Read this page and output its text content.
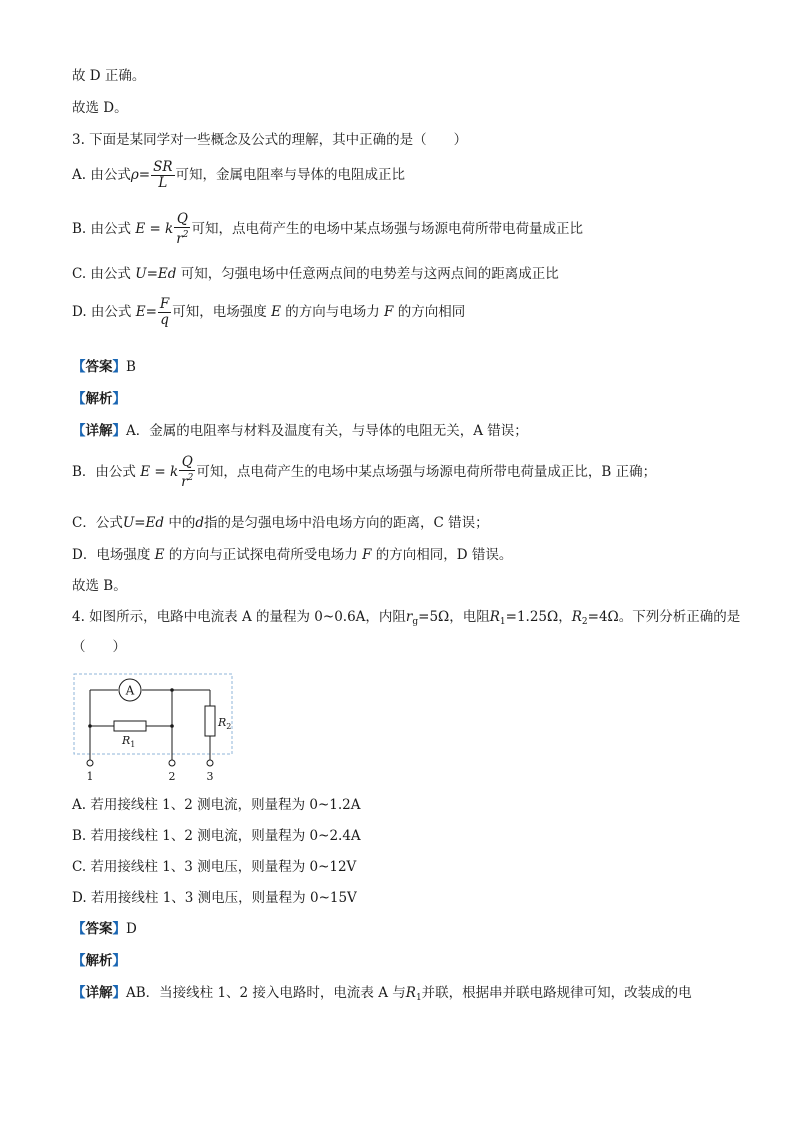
故 D 正确。
故选 D。
3. 下面是某同学对一些概念及公式的理解，其中正确的是（　　）
A. 由公式$\rho= \frac{SR}{L}$ 可知，金属电阻率与导体的电阻成正比
B. 由公式 E = k $\frac{Q}{r^2}$ 可知，点电荷产生的电场中某点场强与场源电荷所带电荷量成正比
C. 由公式 U=Ed 可知，匀强电场中任意两点间的电势差与这两点间的距离成正比
D. 由公式 $E= \frac{F}{q}$ 可知，电场强度 E 的方向与电场力 F 的方向相同
【答案】B
【解析】
【详解】A．金属的电阻率与材料及温度有关，与导体的电阻无关，A 错误；
B．由公式 E = k $\frac{Q}{r^2}$ 可知，点电荷产生的电场中某点场强与场源电荷所带电荷量成正比，B 正确；
C．公式U=Ed 中的d指的是匀强电场中沿电场方向的距离，C 错误；
D．电场强度 E 的方向与正试探电荷所受电场力 F 的方向相同，D 错误。
故选 B。
4. 如图所示，电路中电流表 A 的量程为 0~0.6A，内阻$r_g=5\Omega$，电阻$R_1=1.25\Omega$，$R_2=4\Omega$。下列分析正确的是
（　　）
A
$R_1$
$R_2$
1	2	3
A. 若用接线柱 1、2 测电流，则量程为 0~1.2A
B. 若用接线柱 1、2 测电流，则量程为 0~2.4A
C. 若用接线柱 1、3 测电压，则量程为 0~12V
D. 若用接线柱 1、3 测电压，则量程为 0~15V
【答案】D
【解析】
【详解】AB．当接线柱 1、2 接入电路时，电流表 A 与$R_1$并联，根据串并联电路规律可知，改装成的电
